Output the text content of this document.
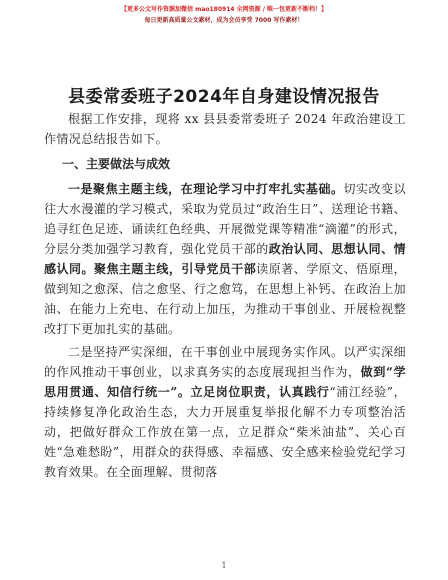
【更多公文写作资源加微信 mao180914 全网资源 / 唯一包更新不断档！】
每日更新高质量公文素材，成为会员享受 7000 写作素材！
县委常委班子2024年自身建设情况报告

根据工作安排，现将 xx 县县委常委班子 2024 年政治建设工作情况总结报告如下。

一、主要做法与成效

一是聚焦主题主线，在理论学习中打牢扎实基础。切实改变以往大水漫灌的学习模式，采取为党员过“政治生日”、送理论书籍、追寻红色足迹、诵读红色经典、开展微党课等精准“滴灌”的形式，分层分类加强学习教育，强化党员干部的政治认同、思想认同、情感认同。聚焦主题主线，引导党员干部读原著、学原文、悟原理，做到知之愈深、信之愈坚、行之愈笃，在思想上补钙、在政治上加油、在能力上充电、在行动上加压，为推动干事创业、开展检视整改打下更加扎实的基础。

二是坚持严实深细，在干事创业中展现务实作风。以严实深细的作风推动干事创业，以求真务实的态度展现担当作为，做到“学思用贯通、知信行统一”。立足岗位职责，认真践行“浦江经验”，持续修复净化政治生态，大力开展重复举报化解不力专项整治活动，把做好群众工作放在第一点，立足群众“柴米油盐”、关心百姓“急难愁盼”，用群众的获得感、幸福感、安全感来检验党纪学习教育效果。在全面理解、贯彻落

1
